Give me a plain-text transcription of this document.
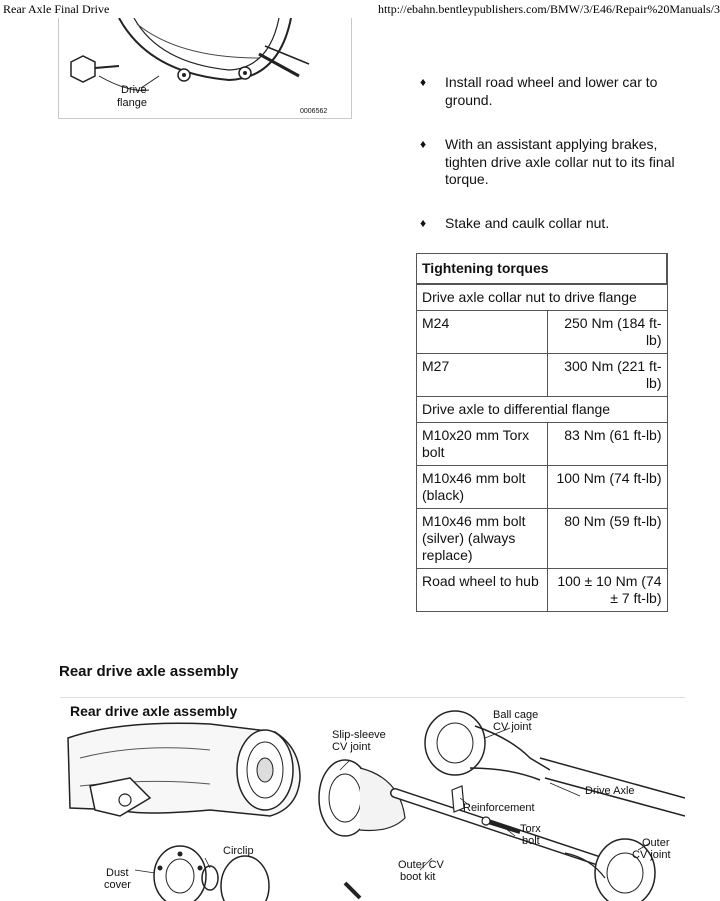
Rear Axle Final Drive	http://ebahn.bentleypublishers.com/BMW/3/E46/Repair%20Manuals/3
Drive
flange
0006562
♦ Install road wheel and lower car to ground.
♦ With an assistant applying brakes, tighten drive axle collar nut to its final torque.
♦ Stake and caulk collar nut.
Tightening torques	
Drive axle collar nut to drive flange	
M24	250 Nm (184 ft-lb)
M27	300 Nm (221 ft-lb)
Drive axle to differential flange	
M10x20 mm Torx bolt	83 Nm (61 ft-lb)
M10x46 mm bolt (black)	100 Nm (74 ft-lb)
M10x46 mm bolt (silver) (always replace)	80 Nm (59 ft-lb)
Road wheel to hub	100 ± 10 Nm (74 ± 7 ft-lb)
Rear drive axle assembly
Rear drive axle assembly	Ball cage
CV joint
Slip-sleeve
CV joint
Drive Axle
Reinforcement
Torx
bolt
Circlip
Dust
cover
Outer CV
boot kit
Outer
CV joint
